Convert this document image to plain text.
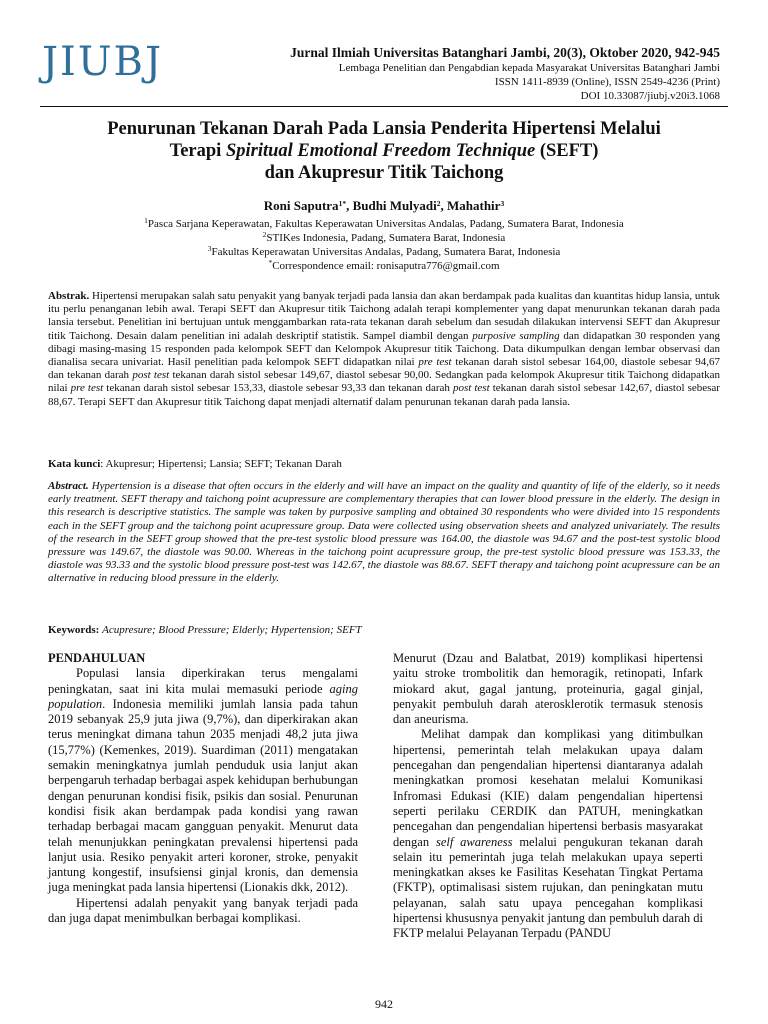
JIUBJ	Jurnal Ilmiah Universitas Batanghari Jambi, 20(3), Oktober 2020, 942-945
Lembaga Penelitian dan Pengabdian kepada Masyarakat Universitas Batanghari Jambi
ISSN 1411-8939 (Online), ISSN 2549-4236 (Print)
DOI 10.33087/jiubj.v20i3.1068
Penurunan Tekanan Darah Pada Lansia Penderita Hipertensi Melalui
Terapi Spiritual Emotional Freedom Technique (SEFT)
dan Akupresur Titik Taichong
Roni Saputra$^{1*}$, Budhi Mulyadi$^2$, Mahathir$^3$
$^1$Pasca Sarjana Keperawatan, Fakultas Keperawatan Universitas Andalas, Padang, Sumatera Barat, Indonesia
$^2$STIKes Indonesia, Padang, Sumatera Barat, Indonesia
$^3$Fakultas Keperawatan Universitas Andalas, Padang, Sumatera Barat, Indonesia
*Correspondence email: ronisaputra776@gmail.com
Abstrak. Hipertensi merupakan salah satu penyakit yang banyak terjadi pada lansia dan akan berdampak pada kualitas dan kuantitas hidup lansia, untuk itu perlu penanganan lebih awal. Terapi SEFT dan Akupresur titik Taichong adalah terapi komplementer yang dapat menurunkan tekanan darah pada lansia tersebut. Penelitian ini bertujuan untuk menggambarkan rata-rata tekanan darah sebelum dan sesudah dilakukan intervensi SEFT dan Akupresur titik Taichong. Desain dalam penelitian ini adalah deskriptif statistik. Sampel diambil dengan purposive sampling dan didapatkan 30 responden yang dibagi masing-masing 15 responden pada kelompok SEFT dan Kelompok Akupresur titik Taichong. Data dikumpulkan dengan lembar observasi dan dianalisa secara univariat. Hasil penelitian pada kelompok SEFT didapatkan nilai pre test tekanan darah sistol sebesar 164,00, diastole sebesar 94,67 dan tekanan darah post test tekanan darah sistol sebesar 149,67, diastol sebesar 90,00. Sedangkan pada kelompok Akupresur titik Taichong didapatkan nilai pre test tekanan darah sistol sebesar 153,33, diastole sebesar 93,33 dan tekanan darah post test tekanan darah sistol sebesar 142,67, diastol sebesar 88,67. Terapi SEFT dan Akupresur titik Taichong dapat menjadi alternatif dalam penurunan tekanan darah pada lansia.
Kata kunci: Akupresur; Hipertensi; Lansia; SEFT; Tekanan Darah
Abstract. Hypertension is a disease that often occurs in the elderly and will have an impact on the quality and quantity of life of the elderly, so it needs early treatment. SEFT therapy and taichong point acupressure are complementary therapies that can lower blood pressure in the elderly. The design in this research is descriptive statistics. The sample was taken by purposive sampling and obtained 30 respondents who were divided into 15 respondents each in the SEFT group and the taichong point acupressure group. Data were collected using observation sheets and analyzed univariately. The results of the research in the SEFT group showed that the pre-test systolic blood pressure was 164.00, the diastole was 94.67 and the post-test systolic blood pressure was 149.67, the diastole was 90.00. Whereas in the taichong point acupressure group, the pre-test systolic blood pressure was 153.33, the diastole was 93.33 and the systolic blood pressure post-test was 142.67, the diastole was 88.67. SEFT therapy and taichong point acupressure can be an alternative in reducing blood pressure in the elderly.
Keywords: Acupresure; Blood Pressure; Elderly; Hypertension; SEFT

PENDAHULUAN

Populasi lansia diperkirakan terus mengalami peningkatan, saat ini kita mulai memasuki periode aging population. Indonesia memiliki jumlah lansia pada tahun 2019 sebanyak 25,9 juta jiwa (9,7%), dan diperkirakan akan terus meningkat dimana tahun 2035 menjadi 48,2 juta jiwa (15,77%) (Kemenkes, 2019). Suardiman (2011) mengatakan semakin meningkatnya jumlah penduduk usia lanjut akan berpengaruh terhadap berbagai aspek kehidupan berhubungan dengan penurunan kondisi fisik, psikis dan sosial. Penurunan kondisi fisik akan berdampak pada kondisi yang rawan terhadap berbagai macam gangguan penyakit. Menurut data telah menunjukkan peningkatan prevalensi hipertensi pada lanjut usia. Resiko penyakit arteri koroner, stroke, penyakit jantung kongestif, insufsiensi ginjal kronis, dan demensia juga meningkat pada lansia hipertensi (Lionakis dkk, 2012).

Hipertensi adalah penyakit yang banyak terjadi pada dan juga dapat menimbulkan berbagai komplikasi.

Menurut (Dzau and Balatbat, 2019) komplikasi hipertensi yaitu stroke trombolitik dan hemoragik, retinopati, Infark miokard akut, gagal jantung, proteinuria, gagal ginjal, penyakit pembuluh darah aterosklerotik termasuk stenosis dan aneurisma.

Melihat dampak dan komplikasi yang ditimbulkan hipertensi, pemerintah telah melakukan upaya dalam pencegahan dan pengendalian hipertensi diantaranya adalah meningkatkan promosi kesehatan melalui Komunikasi Infromasi Edukasi (KIE) dalam pengendalian hipertensi seperti perilaku CERDIK dan PATUH, meningkatkan pencegahan dan pengendalian hipertensi berbasis masyarakat dengan self awareness melalui pengukuran tekanan darah selain itu pemerintah juga telah melakukan upaya seperti meningkatkan akses ke Fasilitas Kesehatan Tingkat Pertama (FKTP), optimalisasi sistem rujukan, dan peningkatan mutu pelayanan, salah satu upaya pencegahan komplikasi hipertensi khususnya penyakit jantung dan pembuluh darah di FKTP melalui Pelayanan Terpadu (PANDU

942
